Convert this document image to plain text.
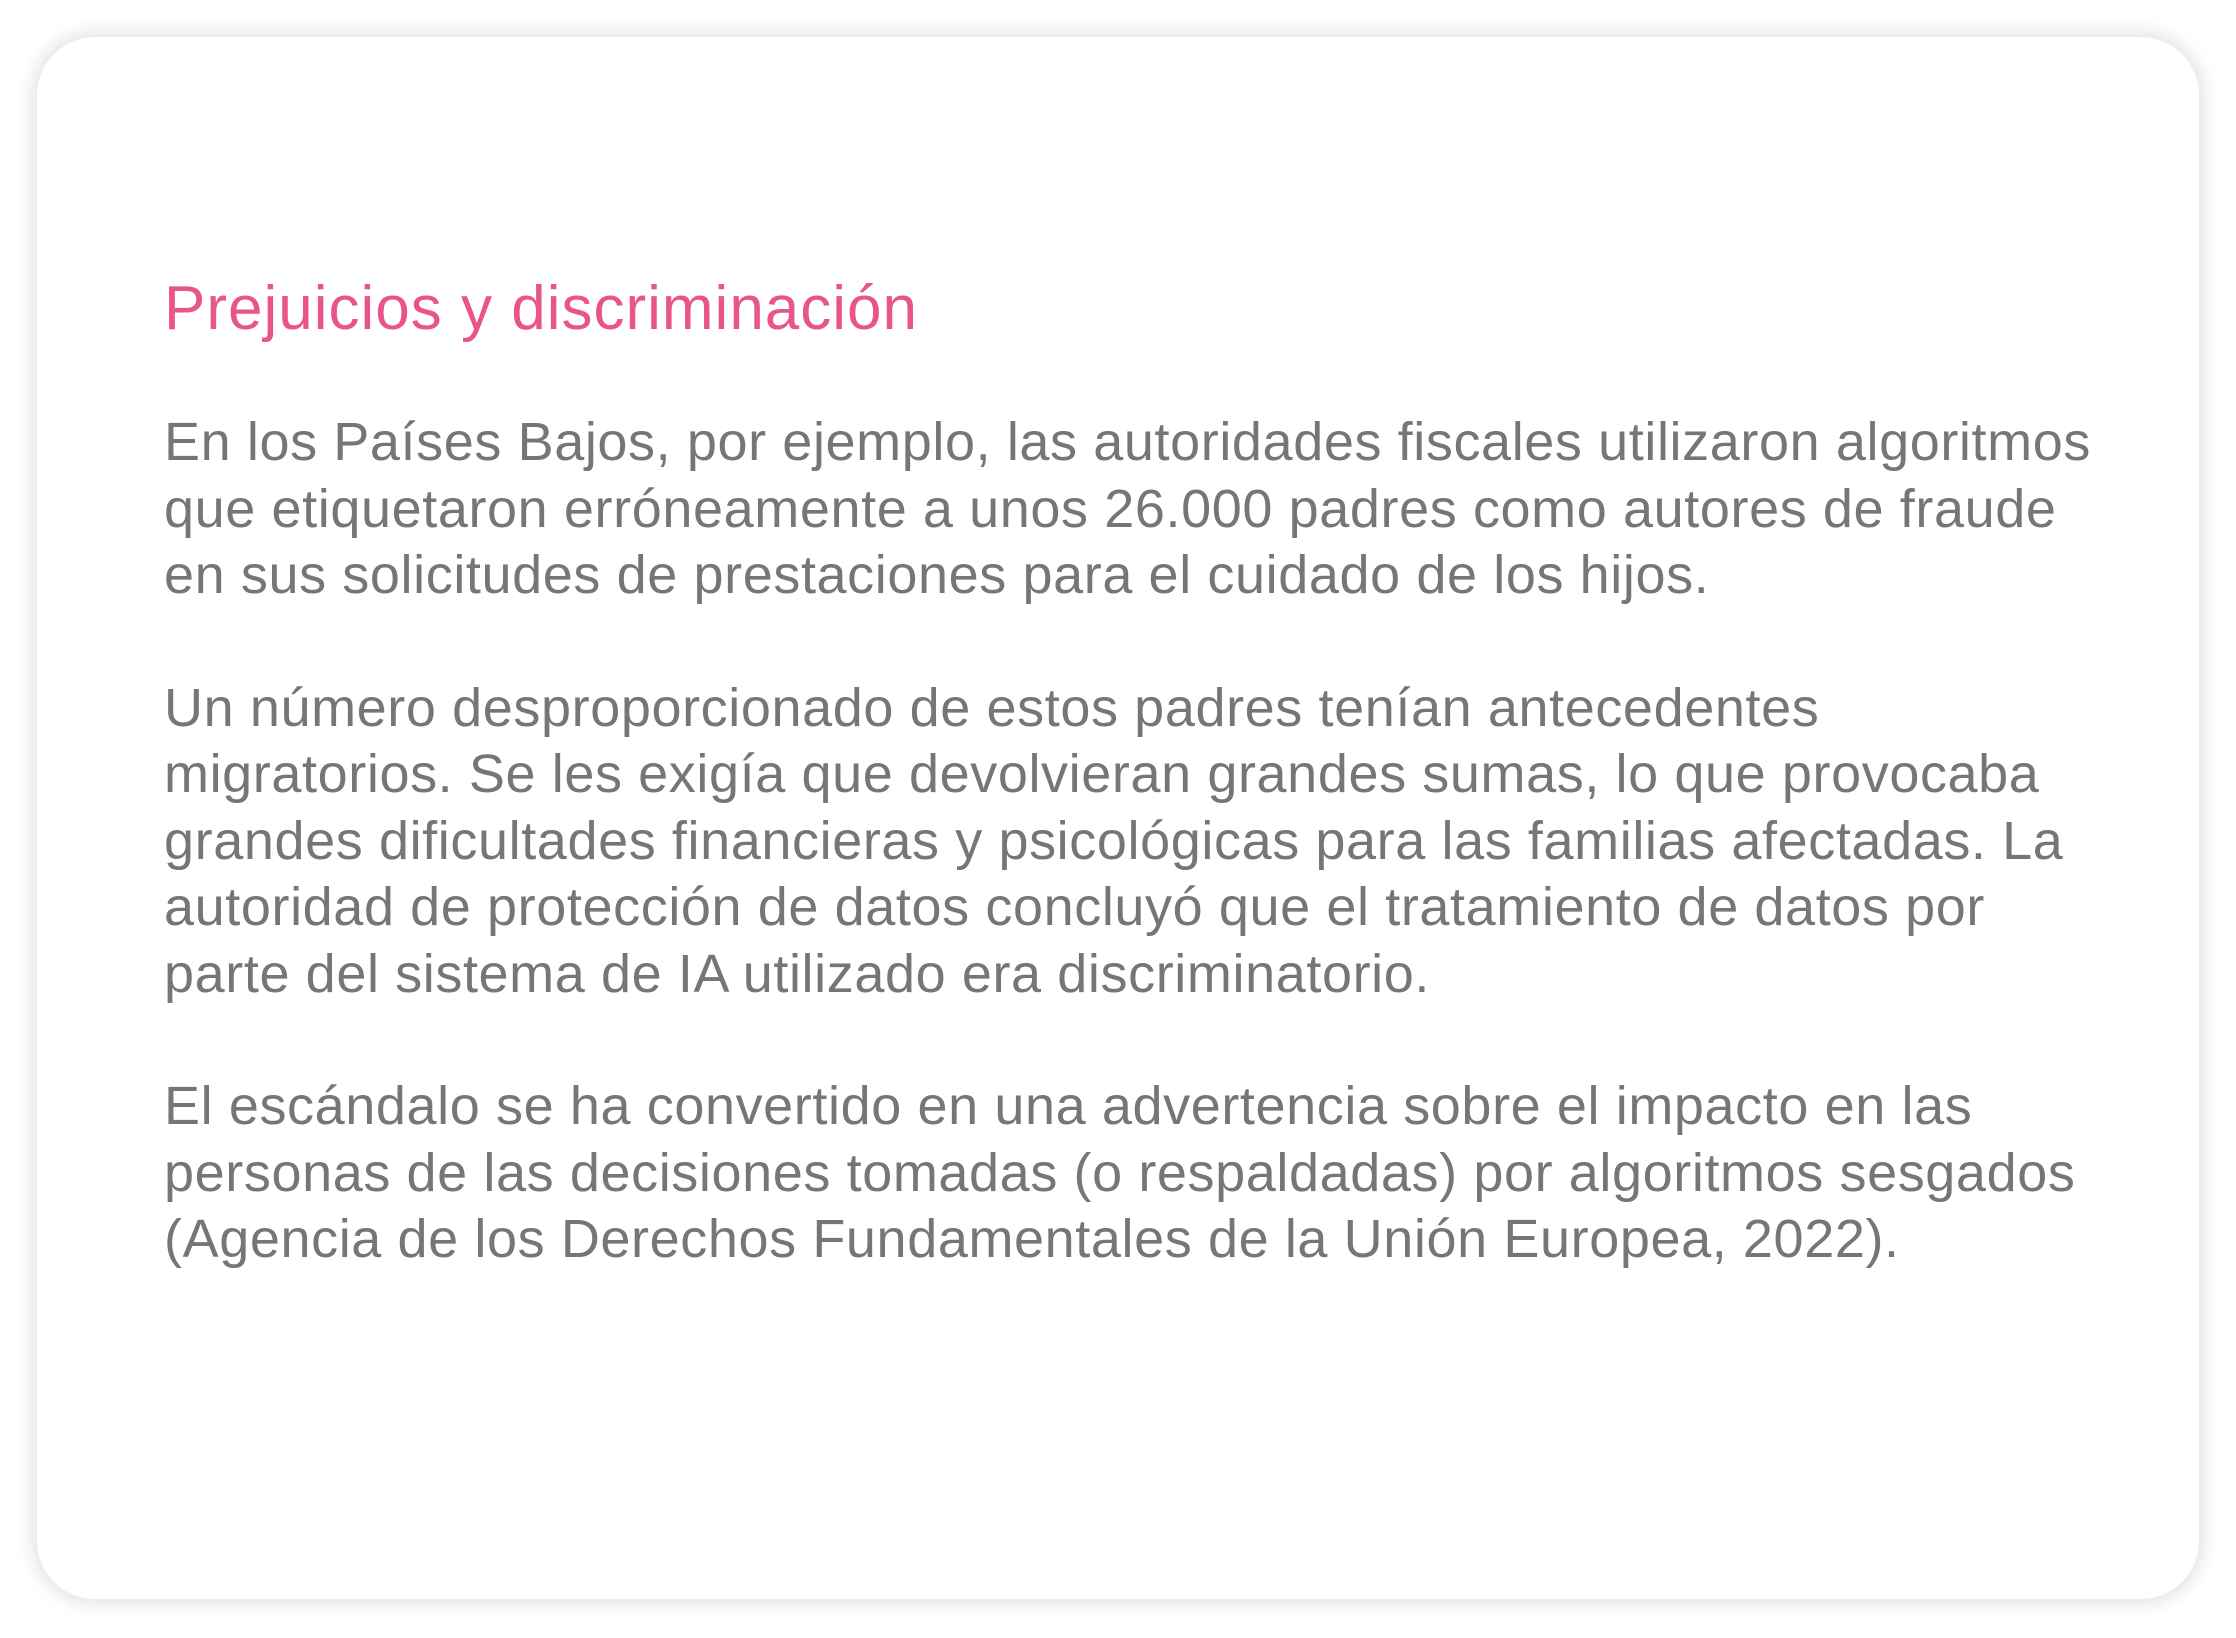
Prejuicios y discriminación

En los Países Bajos, por ejemplo, las autoridades fiscales utilizaron algoritmos que etiquetaron erróneamente a unos 26.000 padres como autores de fraude en sus solicitudes de prestaciones para el cuidado de los hijos.

Un número desproporcionado de estos padres tenían antecedentes migratorios. Se les exigía que devolvieran grandes sumas, lo que provocaba grandes dificultades financieras y psicológicas para las familias afectadas. La autoridad de protección de datos concluyó que el tratamiento de datos por parte del sistema de IA utilizado era discriminatorio.

El escándalo se ha convertido en una advertencia sobre el impacto en las personas de las decisiones tomadas (o respaldadas) por algoritmos sesgados (Agencia de los Derechos Fundamentales de la Unión Europea, 2022).
